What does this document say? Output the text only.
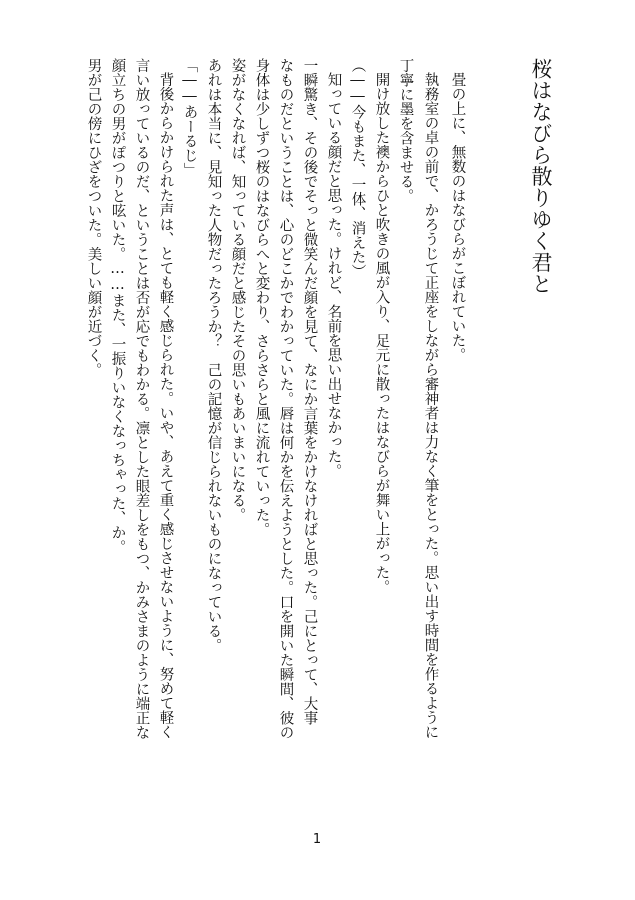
桜はなびら散りゆく君と
畳の上に、無数のはなびらがこぼれていた。
執務室の卓の前で、かろうじて正座をしながら審神者は力なく筆をとった。思い出す時間を作るように
丁寧に墨を含ませる。
開け放した襖からひと吹きの風が入り、足元に散ったはなびらが舞い上がった。
（――今もまた、一体、消えた）
知っている顔だと思った。けれど、名前を思い出せなかった。
一瞬驚き、その後でそっと微笑んだ顔を見て、なにか言葉をかけなければと思った。己にとって、大事
なものだということは、心のどこかでわかっていた。唇は何かを伝えようとした。口を開いた瞬間、彼の
身体は少しずつ桜のはなびらへと変わり、さらさらと風に流れていった。
姿がなくなれば、知っている顔だと感じたその思いもあいまいになる。
あれは本当に、見知った人物だったろうか？　己の記憶が信じられないものになっている。
「――あーるじ」
背後からかけられた声は、とても軽く感じられた。いや、あえて重く感じさせないように、努めて軽く
言い放っているのだ、ということは否が応でもわかる。凛とした眼差しをもつ、かみさまのように端正な
顔立ちの男がぽつりと呟いた。……また、一振りいなくなっちゃった、か。
男が己の傍にひざをついた。美しい顔が近づく。
1
